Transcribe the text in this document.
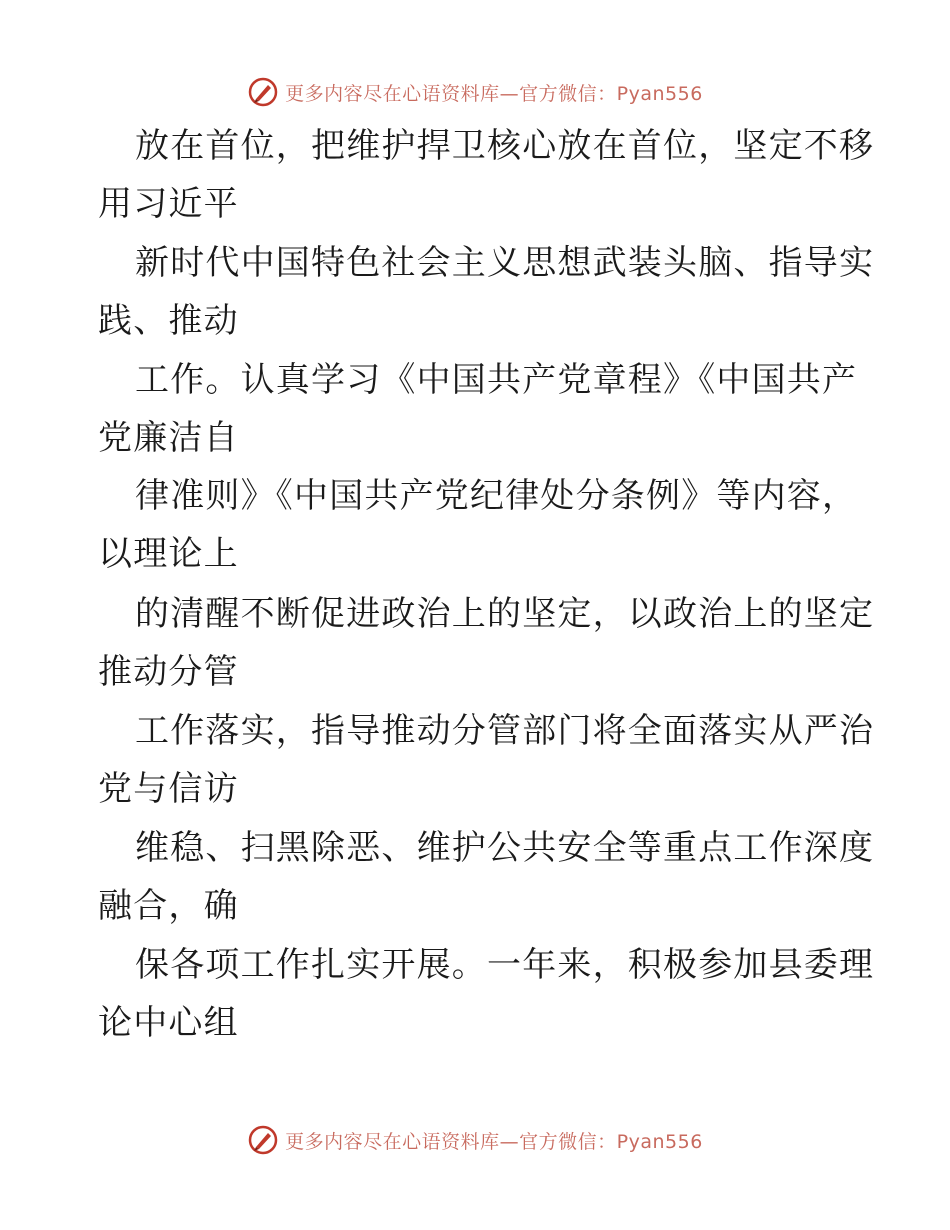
更多内容尽在心语资料库—官方微信：Pyan556
放在首位，把维护捍卫核心放在首位，坚定不移
用习近平
新时代中国特色社会主义思想武装头脑、指导实
践、推动
工作。认真学习《中国共产党章程》《中国共产
党廉洁自
律准则》《中国共产党纪律处分条例》等内容，
以理论上
的清醒不断促进政治上的坚定，以政治上的坚定
推动分管
工作落实，指导推动分管部门将全面落实从严治
党与信访
维稳、扫黑除恶、维护公共安全等重点工作深度
融合，确
保各项工作扎实开展。一年来，积极参加县委理
论中心组
更多内容尽在心语资料库—官方微信：Pyan556
